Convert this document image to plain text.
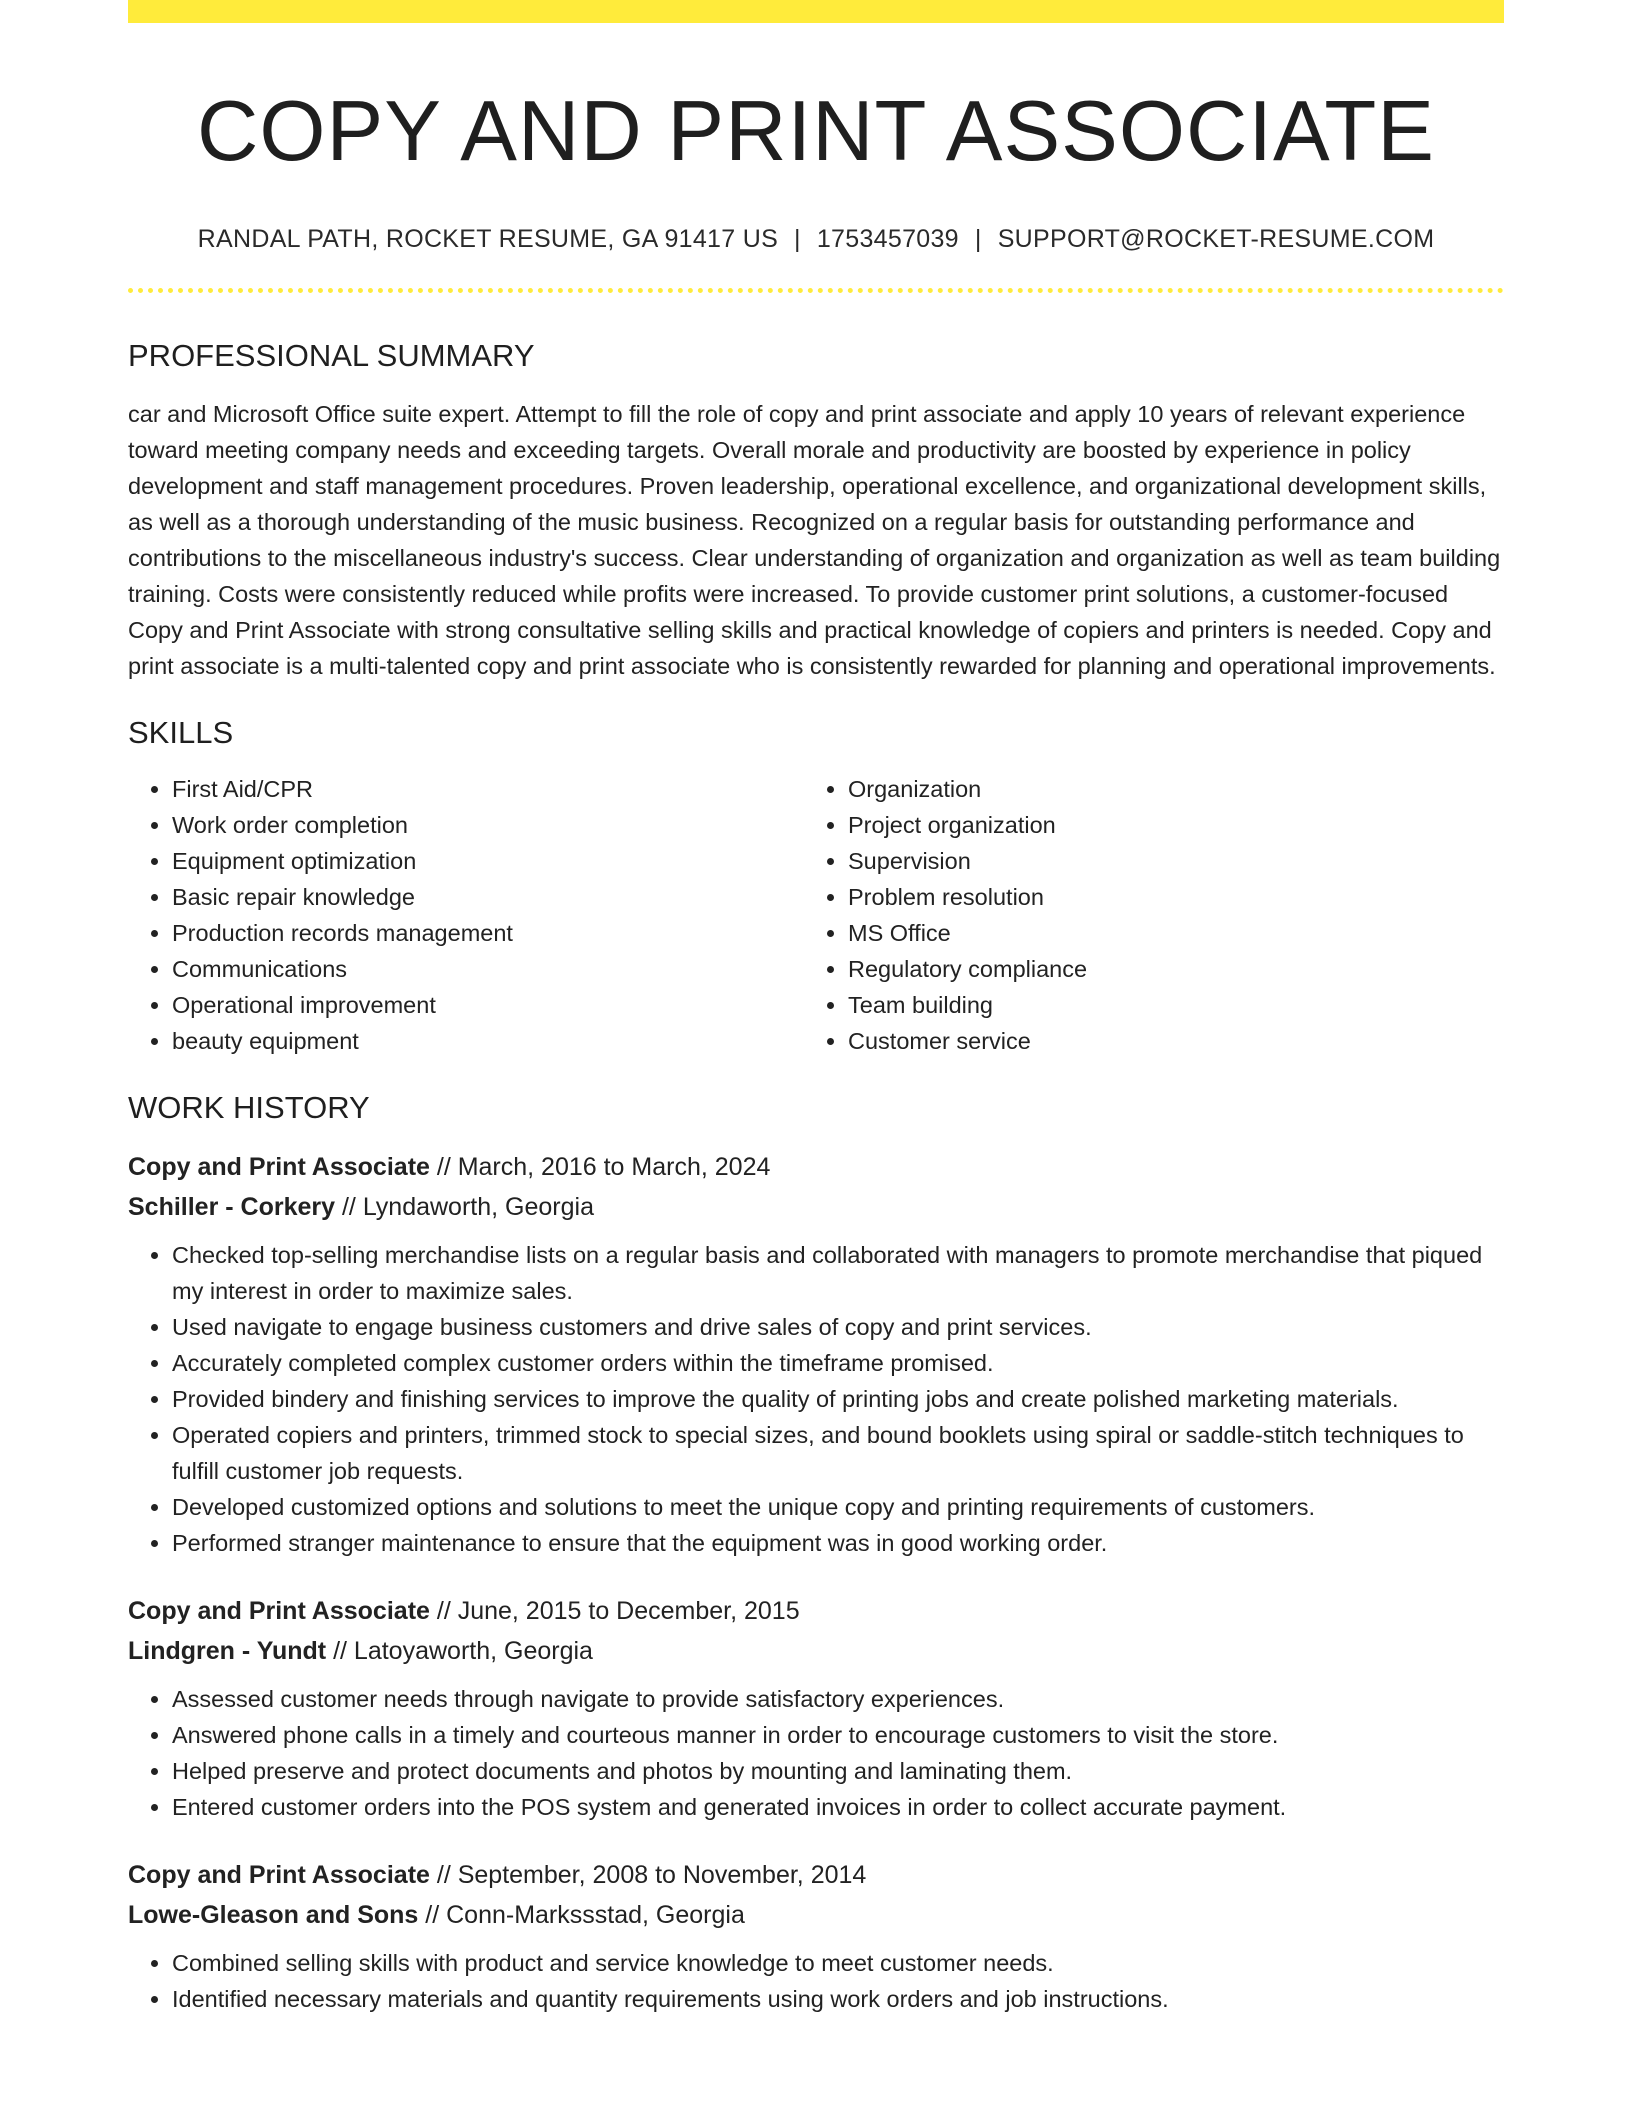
COPY AND PRINT ASSOCIATE
RANDAL PATH, ROCKET RESUME, GA 91417 US | 1753457039 | SUPPORT@ROCKET-RESUME.COM
PROFESSIONAL SUMMARY
car and Microsoft Office suite expert. Attempt to fill the role of copy and print associate and apply 10 years of relevant experience toward meeting company needs and exceeding targets. Overall morale and productivity are boosted by experience in policy development and staff management procedures. Proven leadership, operational excellence, and organizational development skills, as well as a thorough understanding of the music business. Recognized on a regular basis for outstanding performance and contributions to the miscellaneous industry's success. Clear understanding of organization and organization as well as team building training. Costs were consistently reduced while profits were increased. To provide customer print solutions, a customer-focused Copy and Print Associate with strong consultative selling skills and practical knowledge of copiers and printers is needed. Copy and print associate is a multi-talented copy and print associate who is consistently rewarded for planning and operational improvements.
SKILLS
• First Aid/CPR
• Work order completion
• Equipment optimization
• Basic repair knowledge
• Production records management
• Communications
• Operational improvement
• beauty equipment
• Organization
• Project organization
• Supervision
• Problem resolution
• MS Office
• Regulatory compliance
• Team building
• Customer service
WORK HISTORY
Copy and Print Associate // March, 2016 to March, 2024
Schiller - Corkery // Lyndaworth, Georgia
• Checked top-selling merchandise lists on a regular basis and collaborated with managers to promote merchandise that piqued my interest in order to maximize sales.
• Used navigate to engage business customers and drive sales of copy and print services.
• Accurately completed complex customer orders within the timeframe promised.
• Provided bindery and finishing services to improve the quality of printing jobs and create polished marketing materials.
• Operated copiers and printers, trimmed stock to special sizes, and bound booklets using spiral or saddle-stitch techniques to fulfill customer job requests.
• Developed customized options and solutions to meet the unique copy and printing requirements of customers.
• Performed stranger maintenance to ensure that the equipment was in good working order.
Copy and Print Associate // June, 2015 to December, 2015
Lindgren - Yundt // Latoyaworth, Georgia
• Assessed customer needs through navigate to provide satisfactory experiences.
• Answered phone calls in a timely and courteous manner in order to encourage customers to visit the store.
• Helped preserve and protect documents and photos by mounting and laminating them.
• Entered customer orders into the POS system and generated invoices in order to collect accurate payment.
Copy and Print Associate // September, 2008 to November, 2014
Lowe-Gleason and Sons // Conn-Markssstad, Georgia
• Combined selling skills with product and service knowledge to meet customer needs.
• Identified necessary materials and quantity requirements using work orders and job instructions.
